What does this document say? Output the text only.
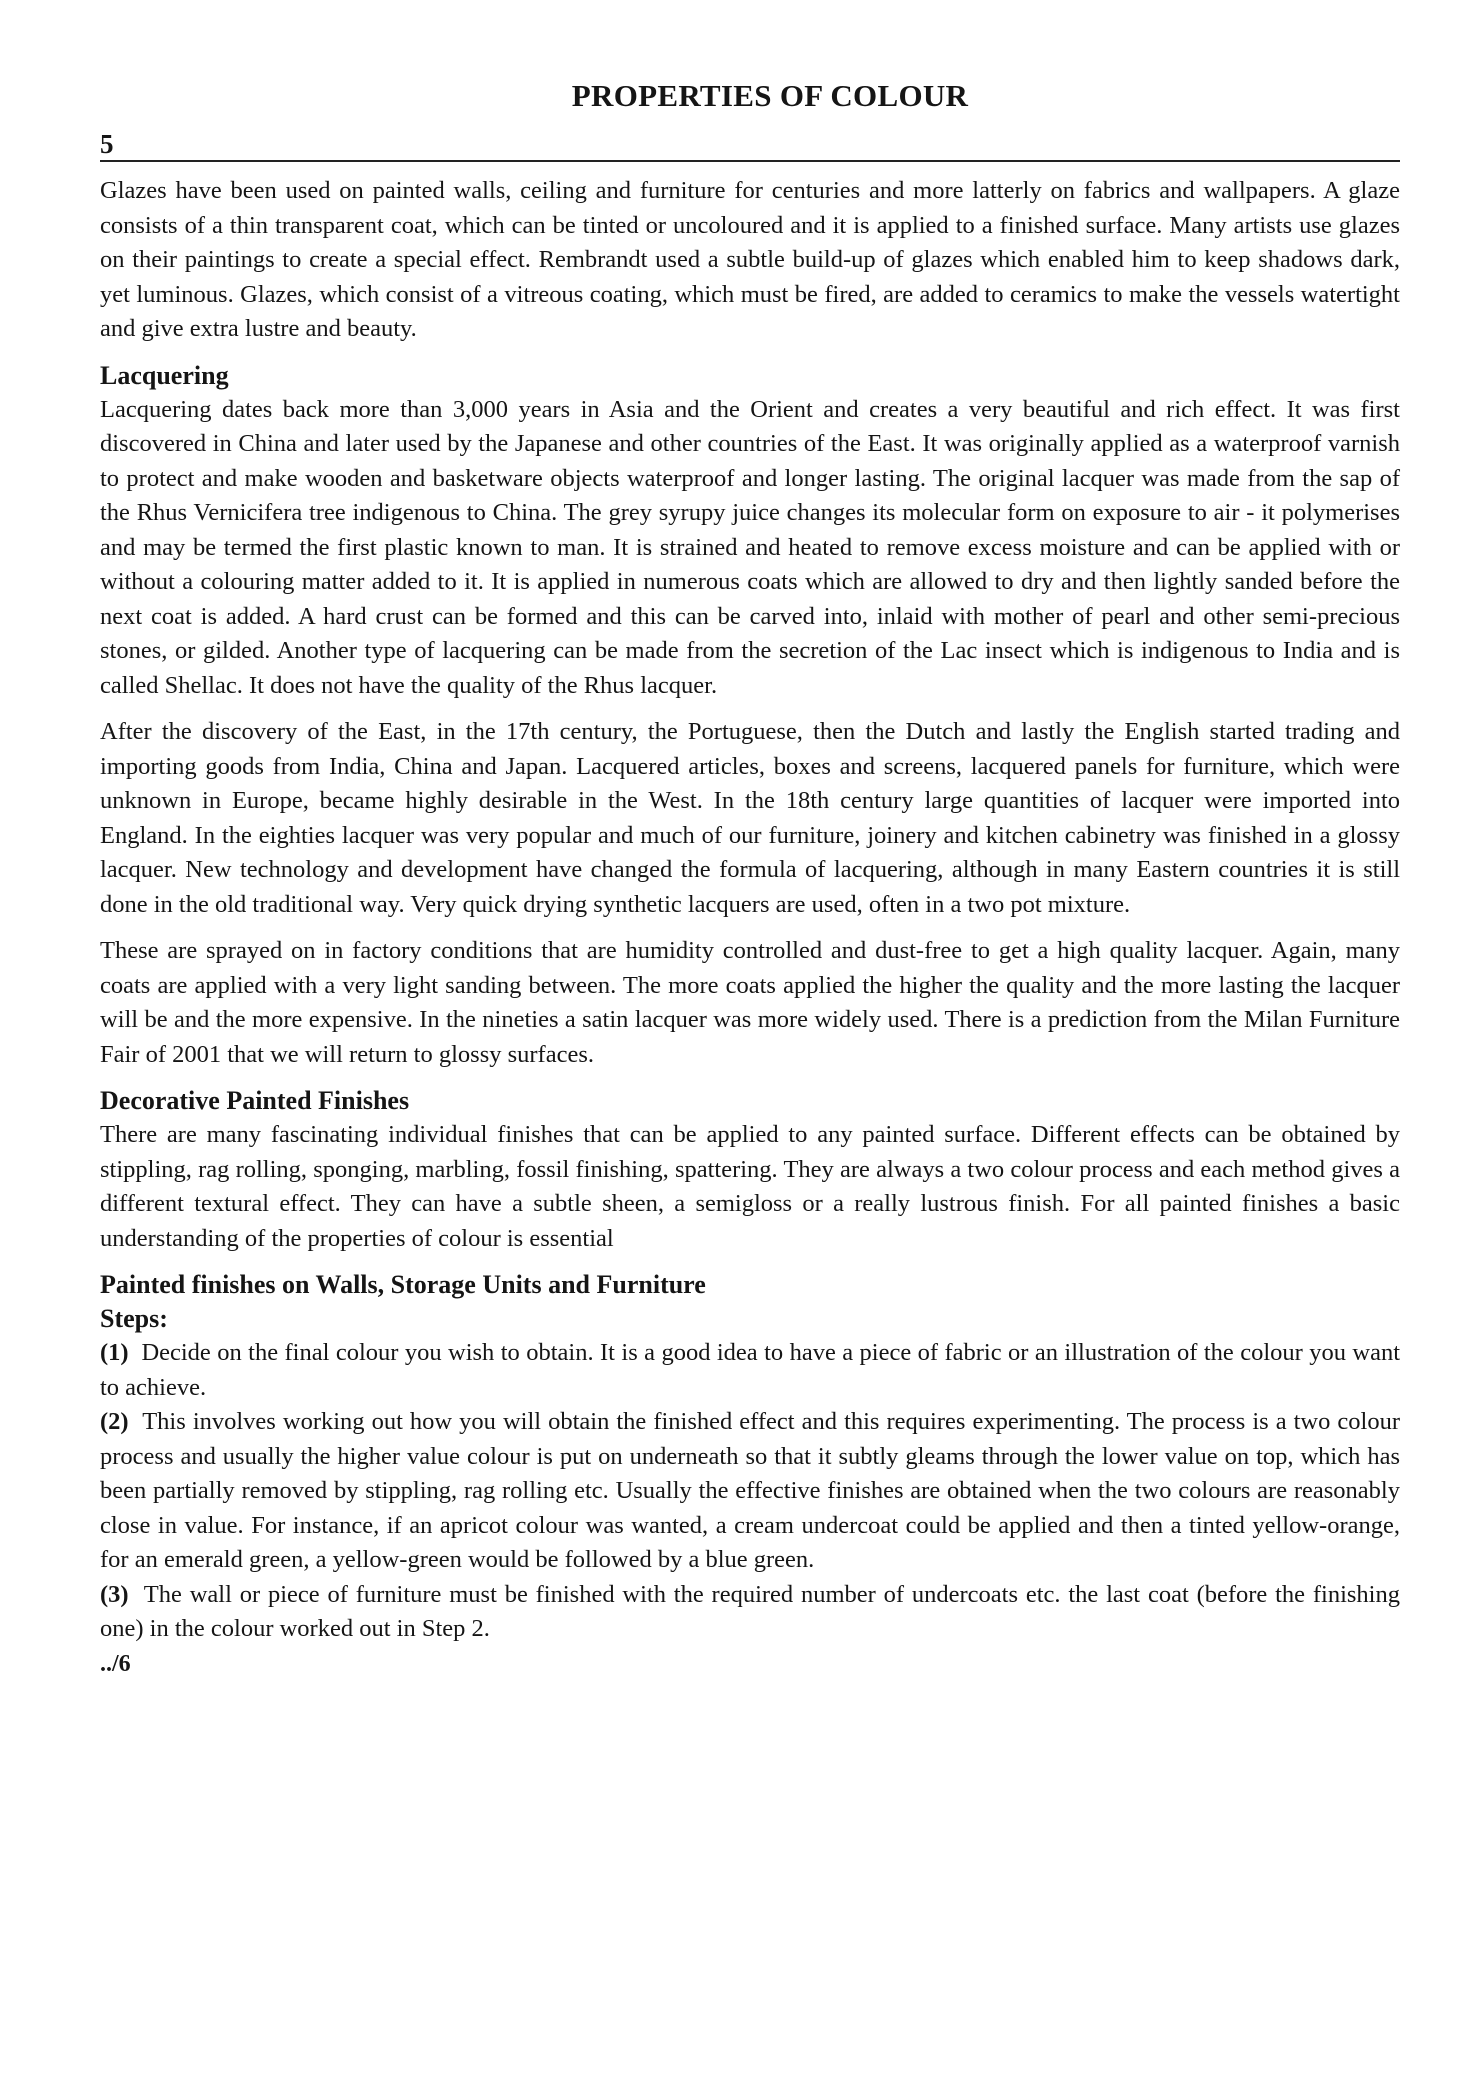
PROPERTIES OF COLOUR
5

Glazes have been used on painted walls, ceiling and furniture for centuries and more latterly on fabrics and wallpapers. A glaze consists of a thin transparent coat, which can be tinted or uncoloured and it is applied to a finished surface. Many artists use glazes on their paintings to create a special effect. Rembrandt used a subtle build-up of glazes which enabled him to keep shadows dark, yet luminous. Glazes, which consist of a vitreous coating, which must be fired, are added to ceramics to make the vessels watertight and give extra lustre and beauty.

Lacquering

Lacquering dates back more than 3,000 years in Asia and the Orient and creates a very beautiful and rich effect. It was first discovered in China and later used by the Japanese and other countries of the East. It was originally applied as a waterproof varnish to protect and make wooden and basketware objects waterproof and longer lasting. The original lacquer was made from the sap of the Rhus Vernicifera tree indigenous to China. The grey syrupy juice changes its molecular form on exposure to air - it polymerises and may be termed the first plastic known to man. It is strained and heated to remove excess moisture and can be applied with or without a colouring matter added to it. It is applied in numerous coats which are allowed to dry and then lightly sanded before the next coat is added. A hard crust can be formed and this can be carved into, inlaid with mother of pearl and other semi-precious stones, or gilded. Another type of lacquering can be made from the secretion of the Lac insect which is indigenous to India and is called Shellac. It does not have the quality of the Rhus lacquer.

After the discovery of the East, in the 17th century, the Portuguese, then the Dutch and lastly the English started trading and importing goods from India, China and Japan. Lacquered articles, boxes and screens, lacquered panels for furniture, which were unknown in Europe, became highly desirable in the West. In the 18th century large quantities of lacquer were imported into England. In the eighties lacquer was very popular and much of our furniture, joinery and kitchen cabinetry was finished in a glossy lacquer. New technology and development have changed the formula of lacquering, although in many Eastern countries it is still done in the old traditional way. Very quick drying synthetic lacquers are used, often in a two pot mixture.

These are sprayed on in factory conditions that are humidity controlled and dust-free to get a high quality lacquer. Again, many coats are applied with a very light sanding between. The more coats applied the higher the quality and the more lasting the lacquer will be and the more expensive. In the nineties a satin lacquer was more widely used. There is a prediction from the Milan Furniture Fair of 2001 that we will return to glossy surfaces.

Decorative Painted Finishes

There are many fascinating individual finishes that can be applied to any painted surface. Different effects can be obtained by stippling, rag rolling, sponging, marbling, fossil finishing, spattering. They are always a two colour process and each method gives a different textural effect. They can have a subtle sheen, a semigloss or a really lustrous finish. For all painted finishes a basic understanding of the properties of colour is essential

Painted finishes on Walls, Storage Units and Furniture
Steps:

(1) Decide on the final colour you wish to obtain. It is a good idea to have a piece of fabric or an illustration of the colour you want to achieve.

(2) This involves working out how you will obtain the finished effect and this requires experimenting. The process is a two colour process and usually the higher value colour is put on underneath so that it subtly gleams through the lower value on top, which has been partially removed by stippling, rag rolling etc. Usually the effective finishes are obtained when the two colours are reasonably close in value. For instance, if an apricot colour was wanted, a cream undercoat could be applied and then a tinted yellow-orange, for an emerald green, a yellow-green would be followed by a blue green.

(3) The wall or piece of furniture must be finished with the required number of undercoats etc. the last coat (before the finishing one) in the colour worked out in Step 2.

../6
